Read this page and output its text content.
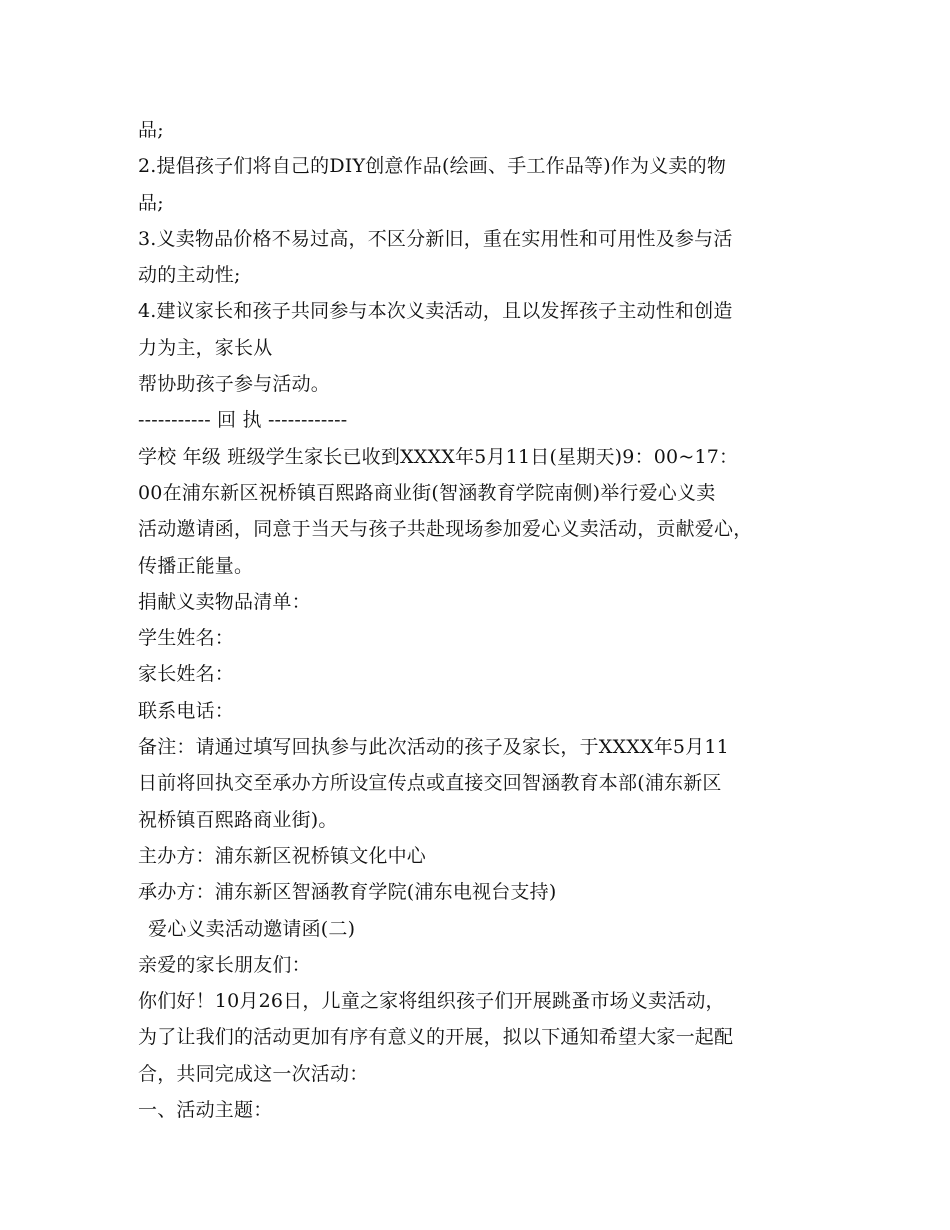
品;
2.提倡孩子们将自己的DIY创意作品(绘画、手工作品等)作为义卖的物
品;
3.义卖物品价格不易过高，不区分新旧，重在实用性和可用性及参与活
动的主动性;
4.建议家长和孩子共同参与本次义卖活动，且以发挥孩子主动性和创造
力为主，家长从
帮协助孩子参与活动。
----------- 回 执 ------------
学校 年级 班级学生家长已收到XXXX年5月11日(星期天)9：00~17：
00在浦东新区祝桥镇百熙路商业街(智涵教育学院南侧)举行爱心义卖
活动邀请函，同意于当天与孩子共赴现场参加爱心义卖活动，贡献爱心，
传播正能量。
捐献义卖物品清单：
学生姓名：
家长姓名：
联系电话：
备注：请通过填写回执参与此次活动的孩子及家长，于XXXX年5月11
日前将回执交至承办方所设宣传点或直接交回智涵教育本部(浦东新区
祝桥镇百熙路商业街)。
主办方：浦东新区祝桥镇文化中心
承办方：浦东新区智涵教育学院(浦东电视台支持)
爱心义卖活动邀请函(二)
亲爱的家长朋友们：
你们好！10月26日，儿童之家将组织孩子们开展跳蚤市场义卖活动，
为了让我们的活动更加有序有意义的开展，拟以下通知希望大家一起配
合，共同完成这一次活动：
一、活动主题：
